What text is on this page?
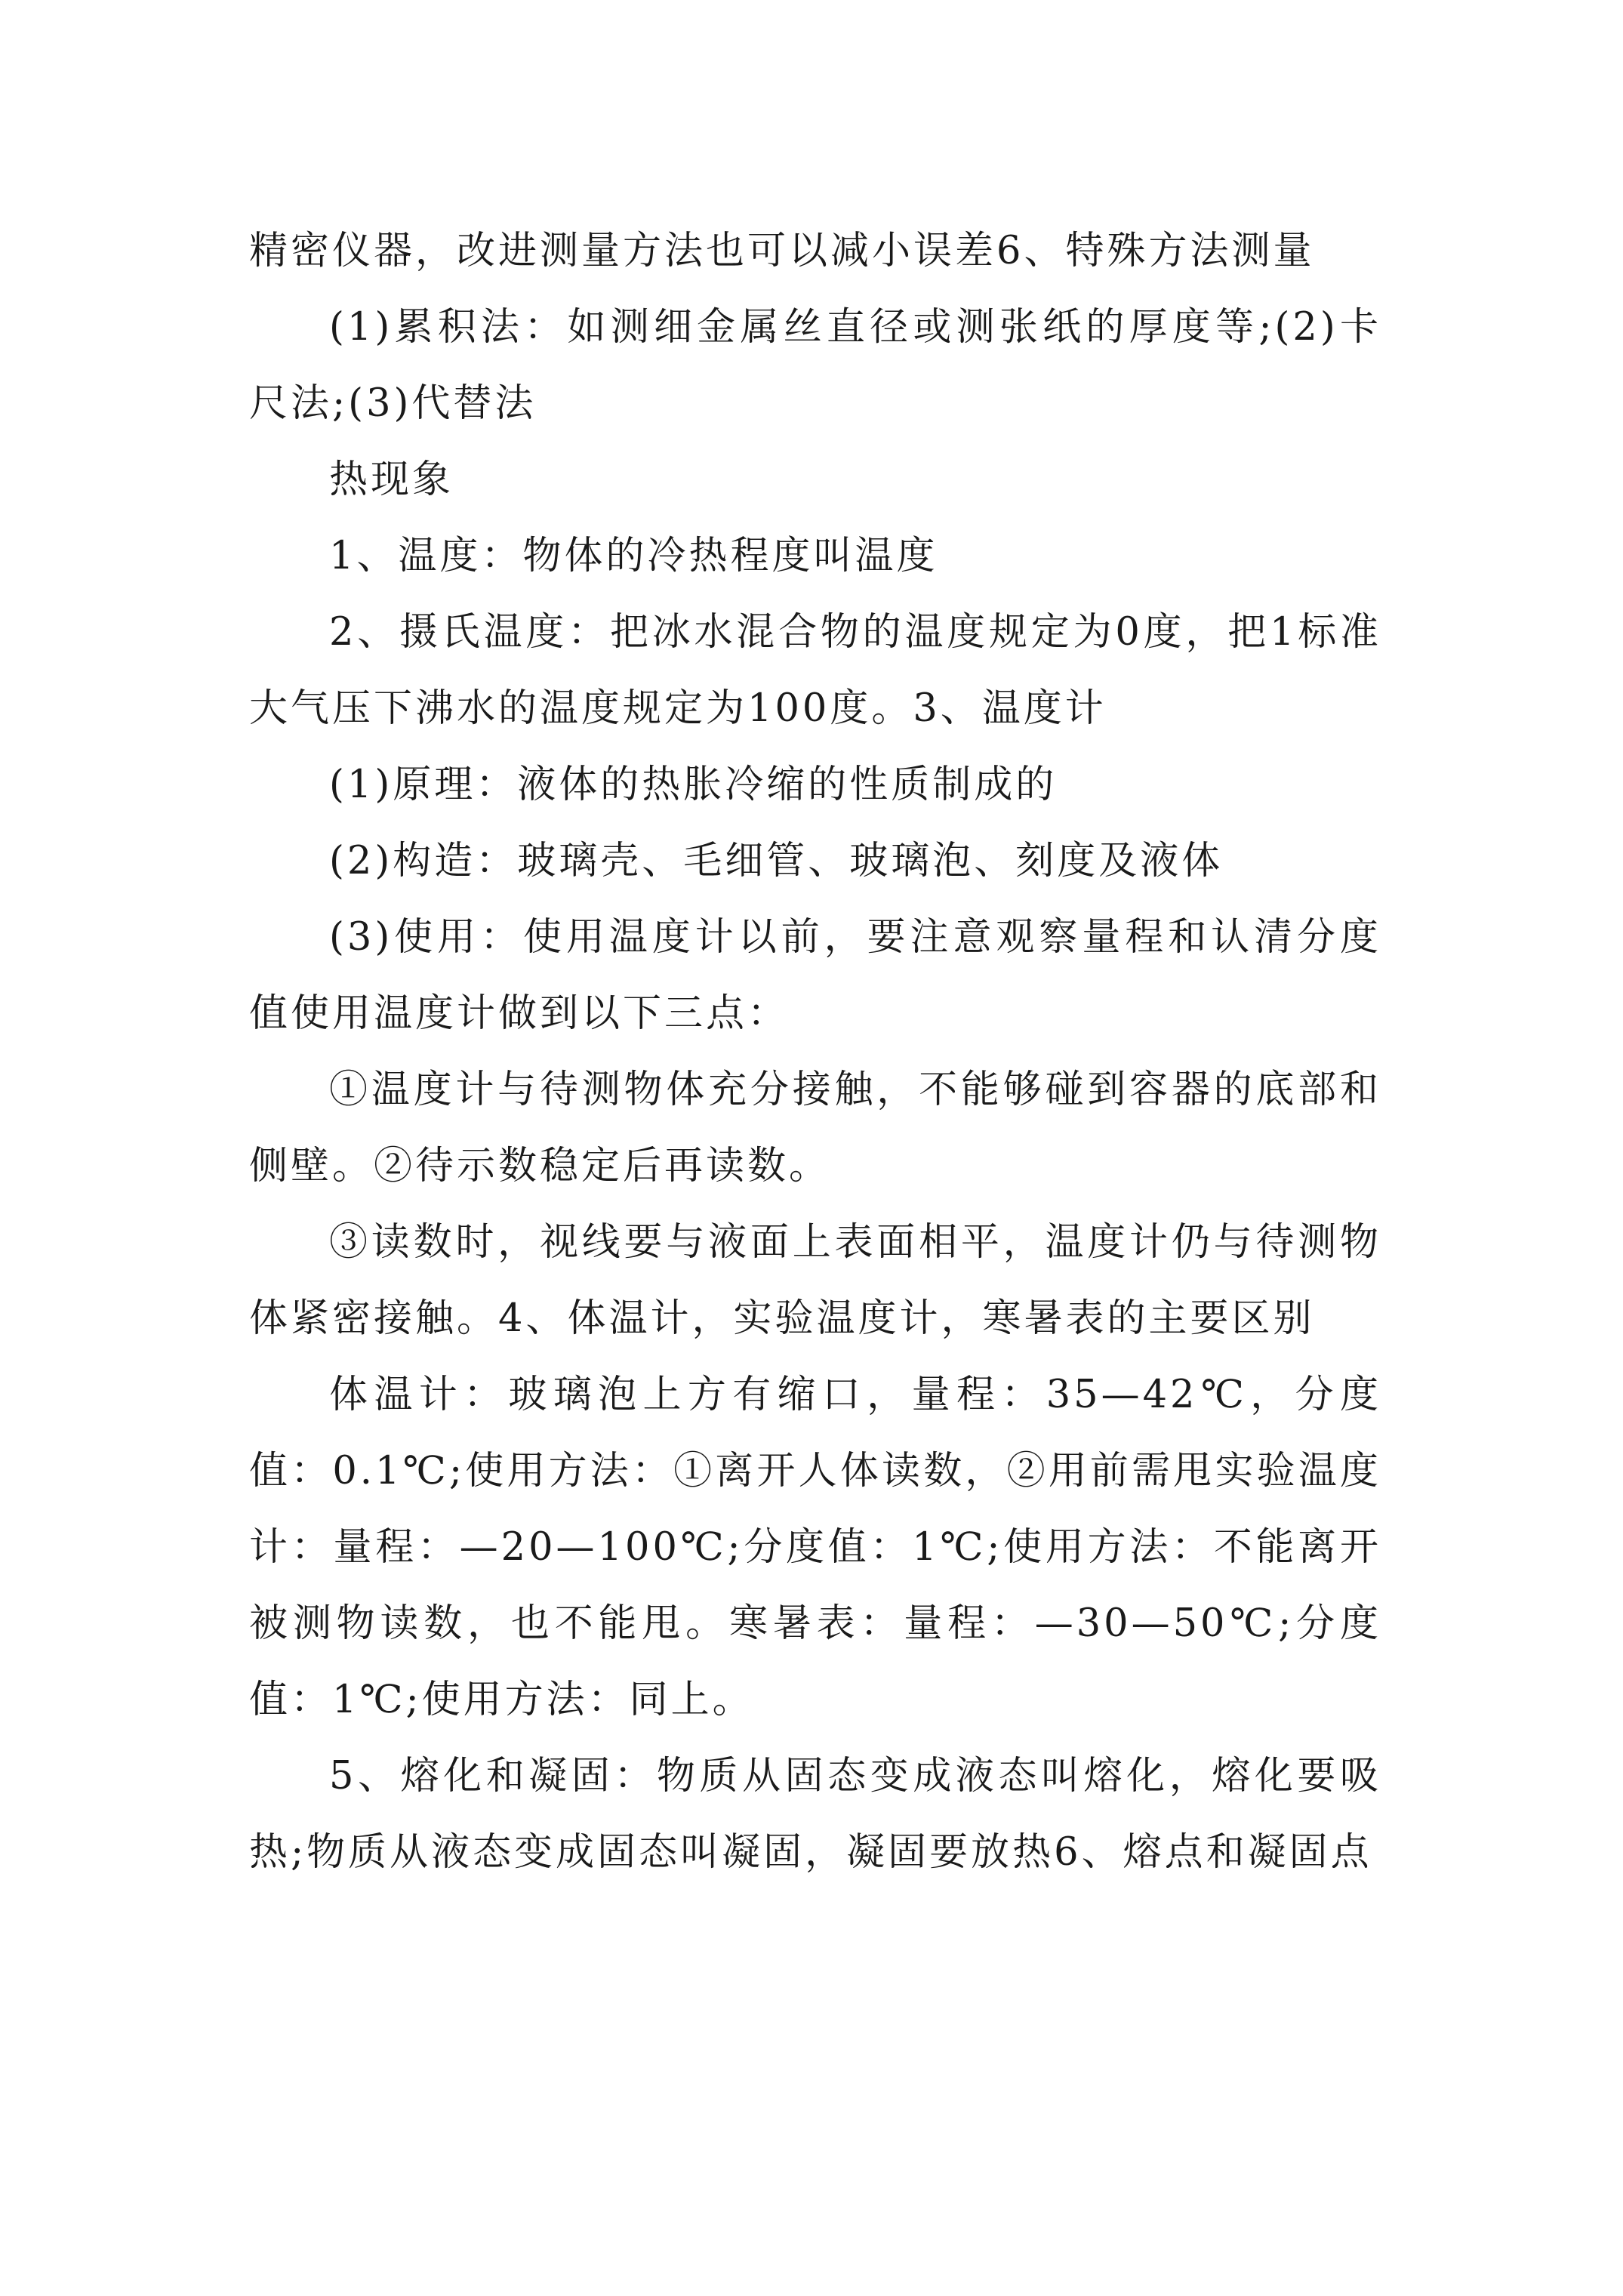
精密仪器，改进测量方法也可以减小误差6、特殊方法测量

(1)累积法：如测细金属丝直径或测张纸的厚度等;(2)卡尺法;(3)代替法

热现象

1、温度：物体的冷热程度叫温度

2、摄氏温度：把冰水混合物的温度规定为0度，把1标准大气压下沸水的温度规定为100度。3、温度计

(1)原理：液体的热胀冷缩的性质制成的

(2)构造：玻璃壳、毛细管、玻璃泡、刻度及液体

(3)使用：使用温度计以前，要注意观察量程和认清分度值使用温度计做到以下三点：

①温度计与待测物体充分接触，不能够碰到容器的底部和侧壁。②待示数稳定后再读数。

③读数时，视线要与液面上表面相平，温度计仍与待测物体紧密接触。4、体温计，实验温度计，寒暑表的主要区别

体温计：玻璃泡上方有缩口，量程：35—42℃，分度值：0.1℃;使用方法：①离开人体读数，②用前需甩实验温度计：量程：—20—100℃;分度值：1℃;使用方法：不能离开被测物读数，也不能甩。寒暑表：量程：—30—50℃;分度值：1℃;使用方法：同上。

5、熔化和凝固：物质从固态变成液态叫熔化，熔化要吸热;物质从液态变成固态叫凝固，凝固要放热6、熔点和凝固点
